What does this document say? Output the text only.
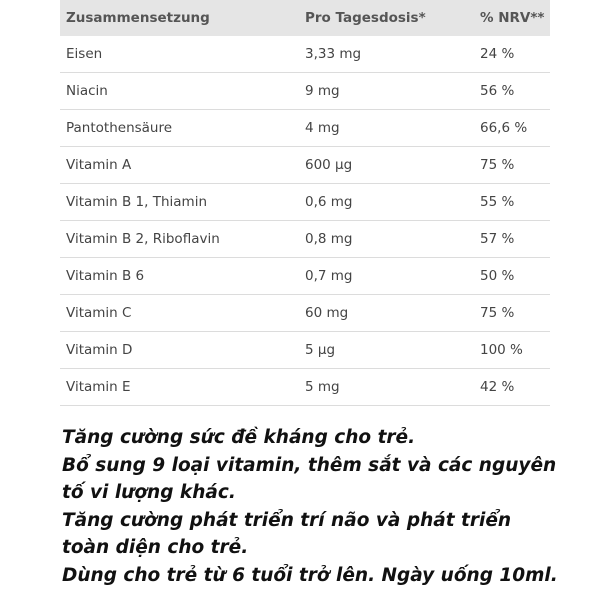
Zusammensetzung	Pro Tagesdosis*	% NRV**
Eisen	3,33 mg	24 %
Niacin	9 mg	56 %
Pantothensäure	4 mg	66,6 %
Vitamin A	600 µg	75 %
Vitamin B 1, Thiamin	0,6 mg	55 %
Vitamin B 2, Riboflavin	0,8 mg	57 %
Vitamin B 6	0,7 mg	50 %
Vitamin C	60 mg	75 %
Vitamin D	5 µg	100 %
Vitamin E	5 mg	42 %
Tăng cường sức đề kháng cho trẻ.
Bổ sung 9 loại vitamin, thêm sắt và các nguyên
tố vi lượng khác.
Tăng cường phát triển trí não và phát triển
toàn diện cho trẻ.
Dùng cho trẻ từ 6 tuổi trở lên. Ngày uống 10ml.
